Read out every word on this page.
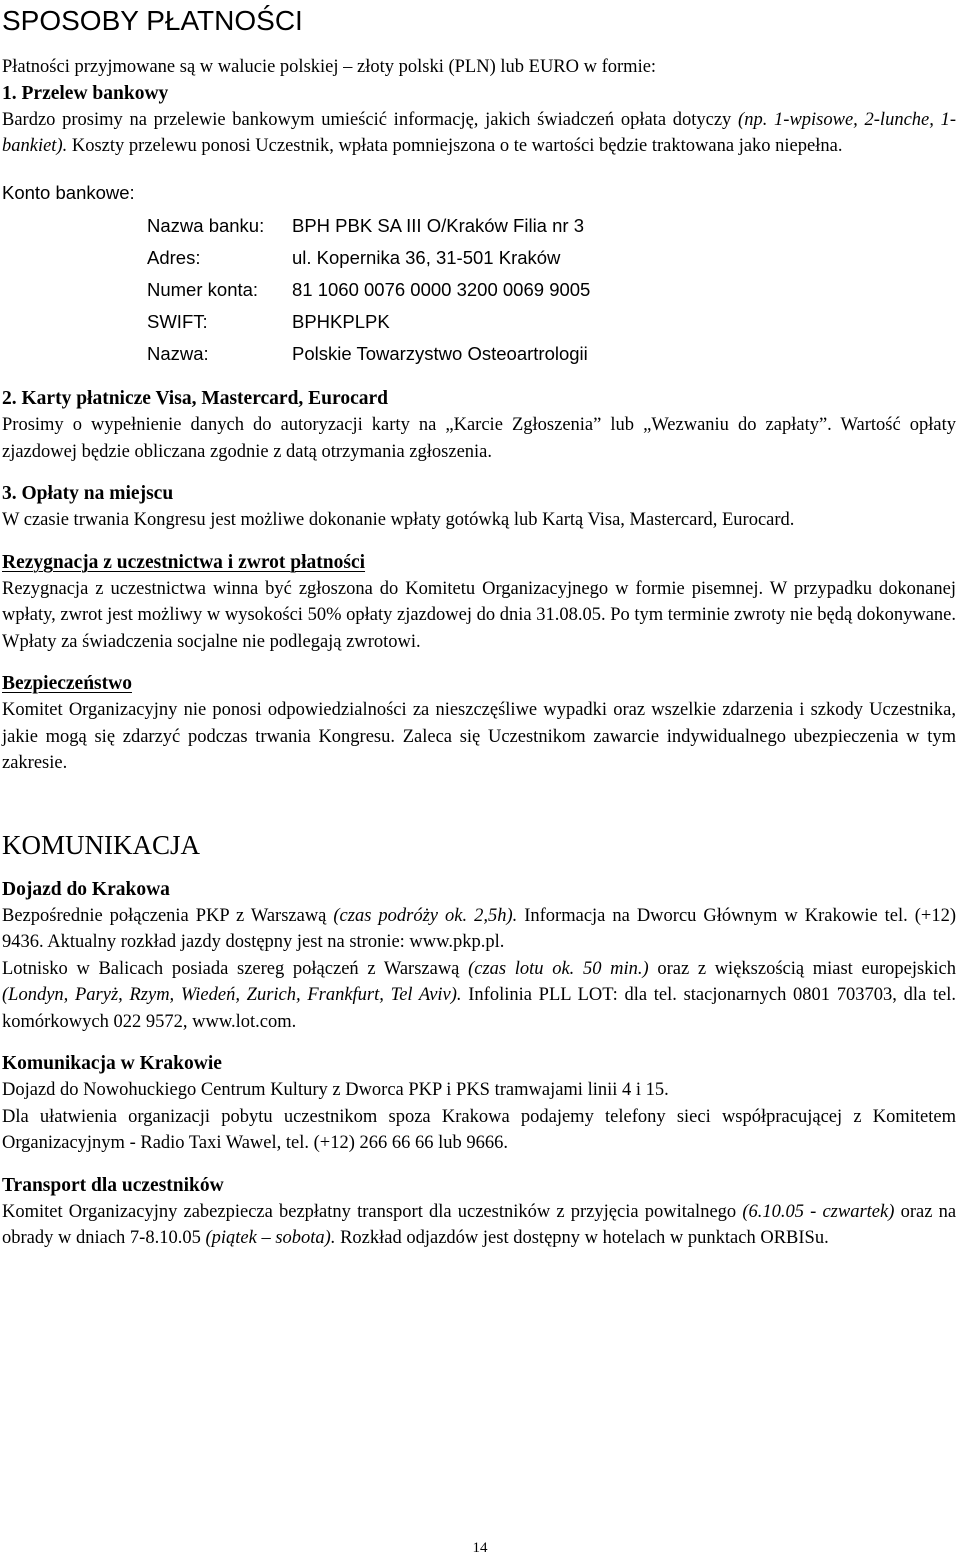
SPOSOBY PŁATNOŚCI

Płatności przyjmowane są w walucie polskiej – złoty polski (PLN) lub EURO w formie:

1. Przelew bankowy

Bardzo prosimy na przelewie bankowym umieścić informację, jakich świadczeń opłata dotyczy (np. 1-wpisowe, 2-lunche, 1-bankiet). Koszty przelewu ponosi Uczestnik, wpłata pomniejszona o te wartości będzie traktowana jako niepełna.

Konto bankowe:

Nazwa banku:	BPH PBK SA III O/Kraków Filia nr 3
Adres:	ul. Kopernika 36, 31-501 Kraków
Numer konta:	81 1060 0076 0000 3200 0069 9005
SWIFT:	BPHKPLPK
Nazwa:	Polskie Towarzystwo Osteoartrologii
2. Karty płatnicze Visa, Mastercard, Eurocard

Prosimy o wypełnienie danych do autoryzacji karty na „Karcie Zgłoszenia” lub „Wezwaniu do zapłaty”. Wartość opłaty zjazdowej będzie obliczana zgodnie z datą otrzymania zgłoszenia.

3. Opłaty na miejscu

W czasie trwania Kongresu jest możliwe dokonanie wpłaty gotówką lub Kartą Visa, Mastercard, Eurocard.

Rezygnacja z uczestnictwa i zwrot płatności

Rezygnacja z uczestnictwa winna być zgłoszona do Komitetu Organizacyjnego w formie pisemnej. W przypadku dokonanej wpłaty, zwrot jest możliwy w wysokości 50% opłaty zjazdowej do dnia 31.08.05. Po tym terminie zwroty nie będą dokonywane. Wpłaty za świadczenia socjalne nie podlegają zwrotowi.

Bezpieczeństwo

Komitet Organizacyjny nie ponosi odpowiedzialności za nieszczęśliwe wypadki oraz wszelkie zdarzenia i szkody Uczestnika, jakie mogą się zdarzyć podczas trwania Kongresu. Zaleca się Uczestnikom zawarcie indywidualnego ubezpieczenia w tym zakresie.

KOMUNIKACJA
Dojazd do Krakowa

Bezpośrednie połączenia PKP z Warszawą (czas podróży ok. 2,5h). Informacja na Dworcu Głównym w Krakowie tel. (+12) 9436. Aktualny rozkład jazdy dostępny jest na stronie: www.pkp.pl.

Lotnisko w Balicach posiada szereg połączeń z Warszawą (czas lotu ok. 50 min.) oraz z większością miast europejskich (Londyn, Paryż, Rzym, Wiedeń, Zurich, Frankfurt, Tel Aviv). Infolinia PLL LOT: dla tel. stacjonarnych 0801 703703, dla tel. komórkowych 022 9572, www.lot.com.

Komunikacja w Krakowie

Dojazd do Nowohuckiego Centrum Kultury z Dworca PKP i PKS tramwajami linii 4 i 15.

Dla ułatwienia organizacji pobytu uczestnikom spoza Krakowa podajemy telefony sieci współpracującej z Komitetem Organizacyjnym - Radio Taxi Wawel, tel. (+12) 266 66 66 lub 9666.

Transport dla uczestników

Komitet Organizacyjny zabezpiecza bezpłatny transport dla uczestników z przyjęcia powitalnego (6.10.05 - czwartek) oraz na obrady w dniach 7-8.10.05 (piątek – sobota). Rozkład odjazdów jest dostępny w hotelach w punktach ORBISu.

14
